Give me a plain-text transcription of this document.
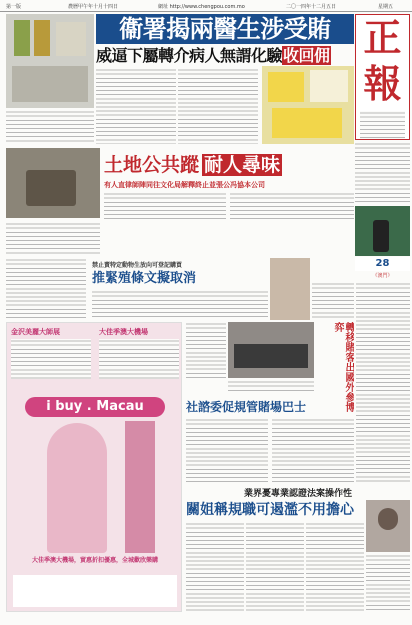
第一版	農曆甲午年十月十四日	網址 http://www.chengpou.com.mo	二〇一四年十二月五日	星期五
衞署揭兩醫生涉受賄
威逼下屬轉介病人無謂化驗收回佣 正
報
土地公共蹤 耐人尋味
有人直律師陣同往文化局解釋終止並張公冯協本公司
28
《澳門》
禁止賣特定動物生放向可登記購買
推緊殖條文擬取消
金沢美麗大師展	大佳季澳大機場
i buy . Macau
大佳季澳大機場，實惠折扣優惠，全城歡欣樂購
社諮委促規管賭場巴士	轉移賭客出國外參博弈
業界憂專業認證法案操作性
關姐稱規職可遏濫不用擔心
